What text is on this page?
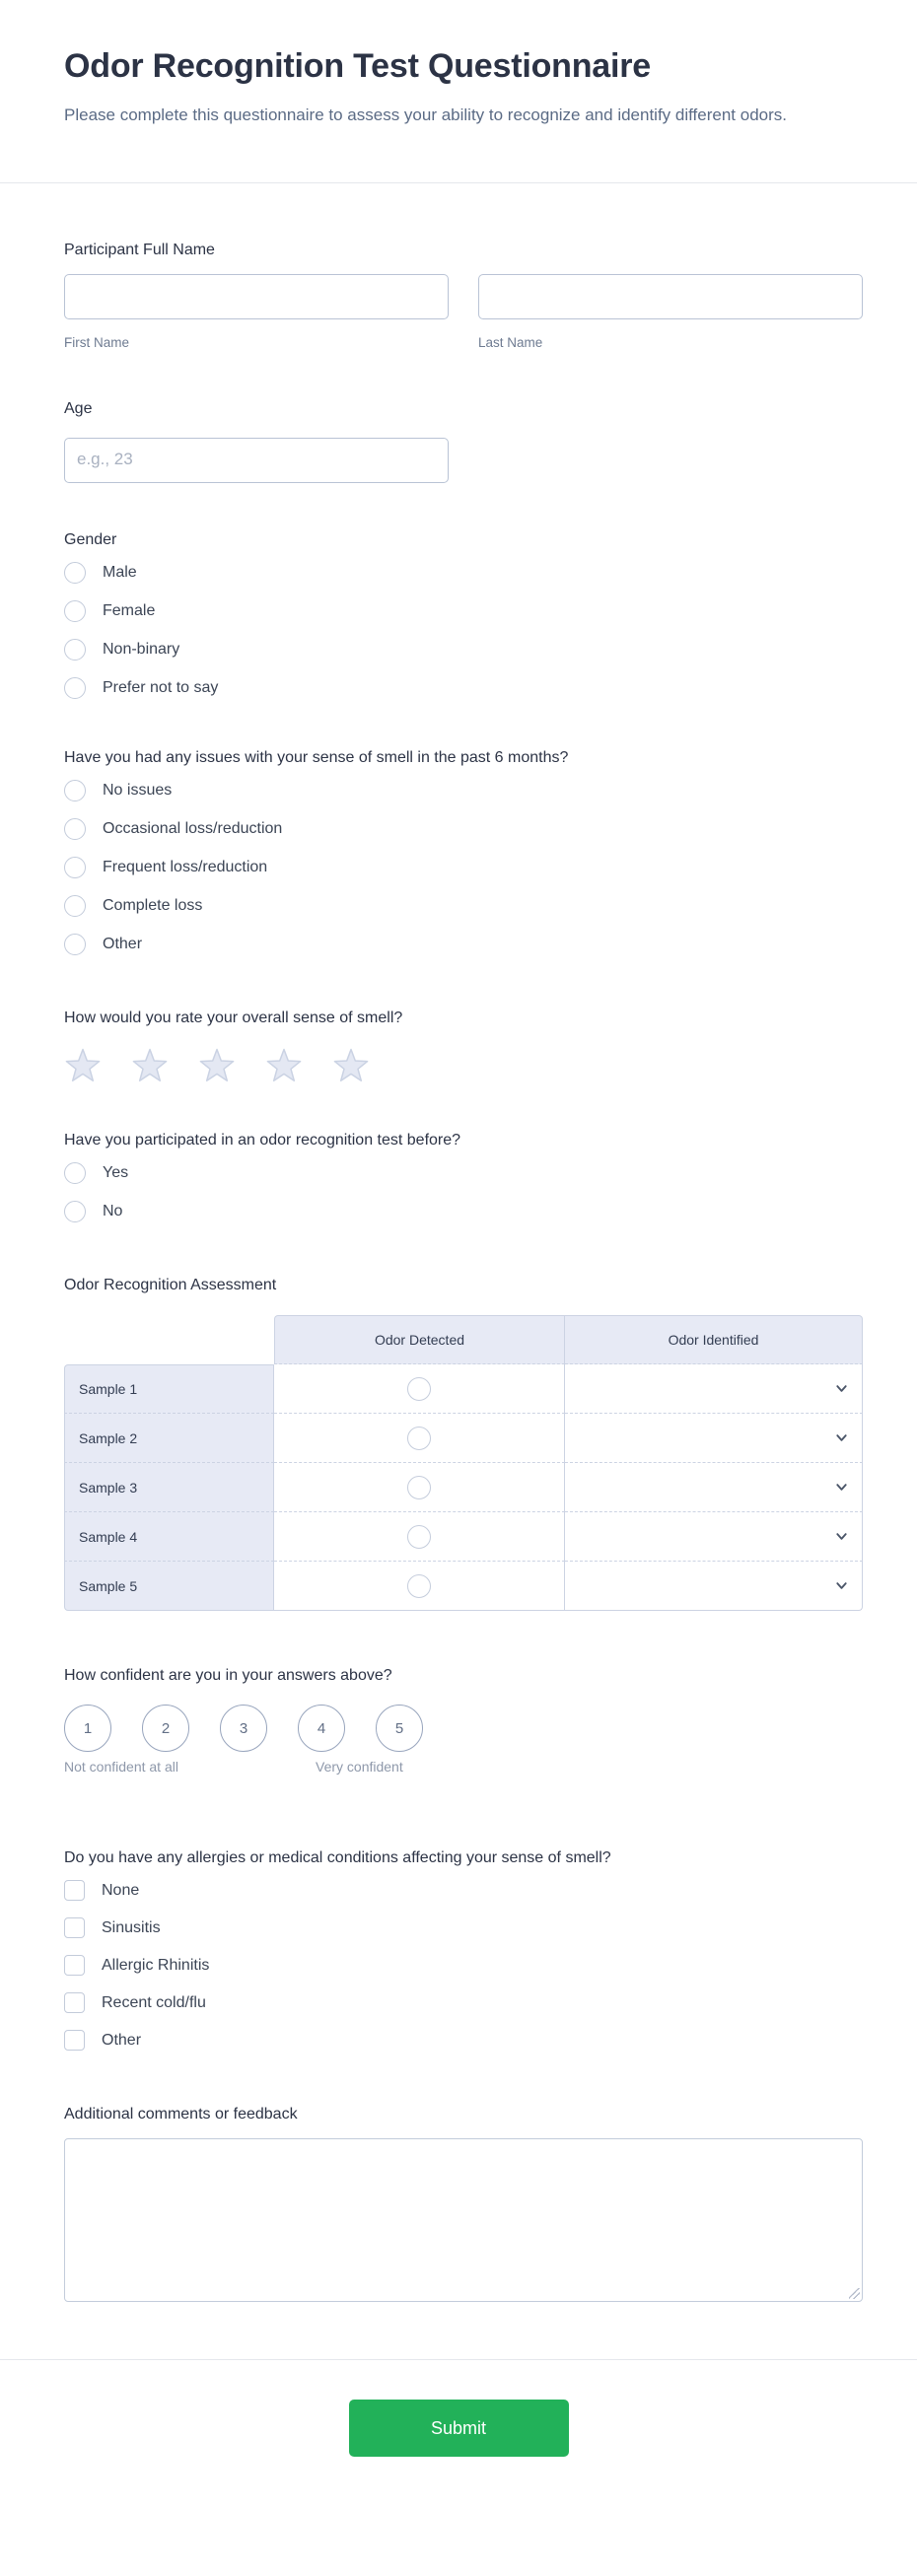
Odor Recognition Test Questionnaire
Please complete this questionnaire to assess your ability to recognize and identify different odors.
Participant Full Name
First Name	Last Name
Age
e.g., 23
Gender
Male
Female
Non-binary
Prefer not to say
Have you had any issues with your sense of smell in the past 6 months?
No issues
Occasional loss/reduction
Frequent loss/reduction
Complete loss
Other
How would you rate your overall sense of smell?
Have you participated in an odor recognition test before?
Yes
No
Odor Recognition Assessment
Odor Detected	Odor Identified
Sample 1
Sample 2
Sample 3
Sample 4
Sample 5
How confident are you in your answers above?
1	2	3	4	5
Not confident at all	Very confident
Do you have any allergies or medical conditions affecting your sense of smell?
None
Sinusitis
Allergic Rhinitis
Recent cold/flu
Other
Additional comments or feedback
Submit
